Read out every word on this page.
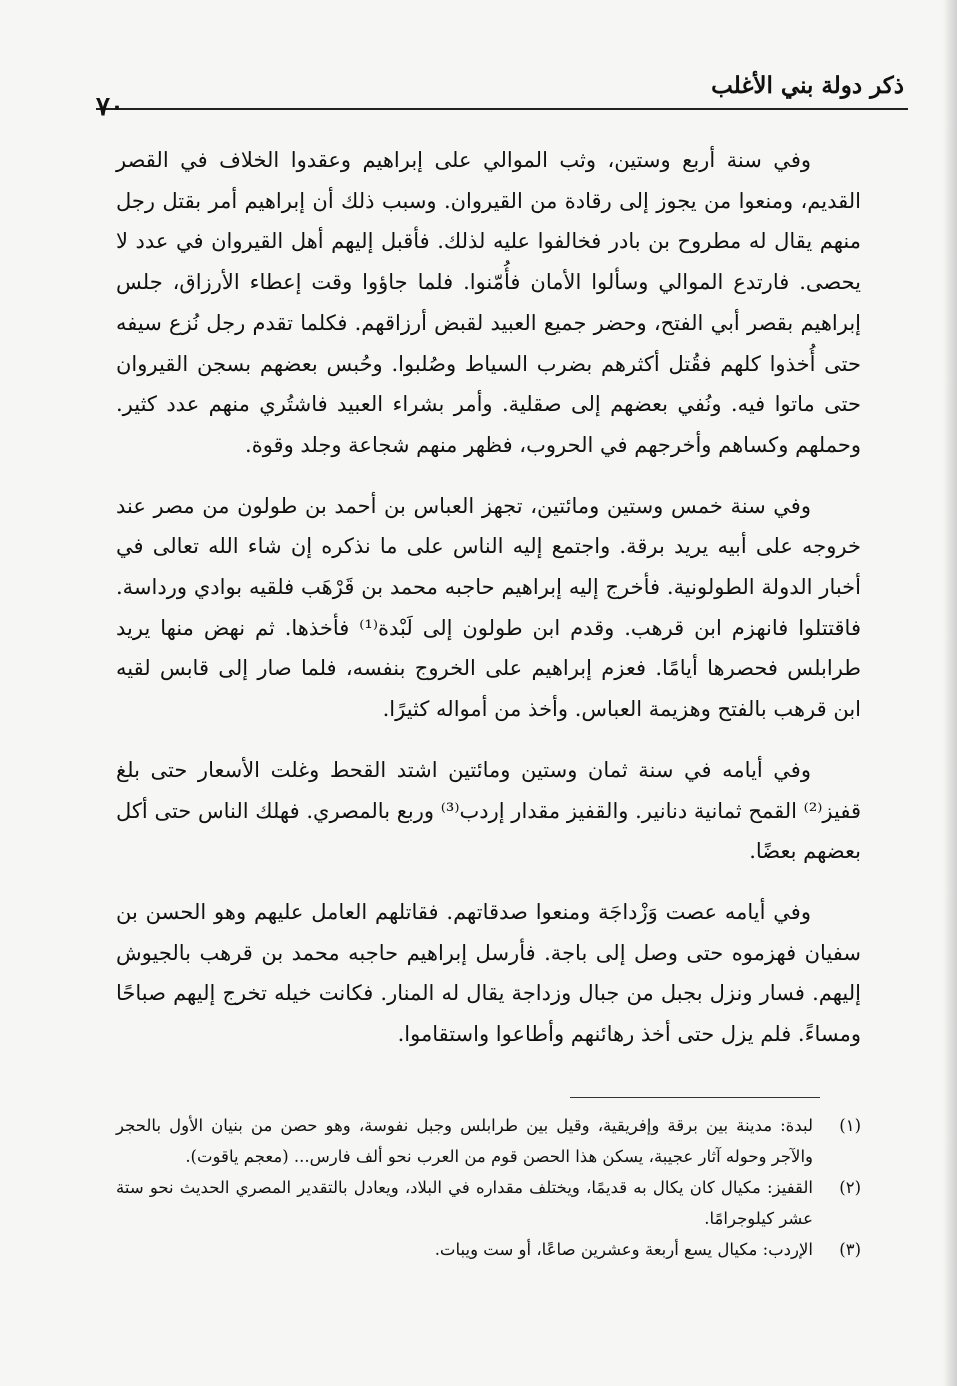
ذكر دولة بني الأغلب
٧٠

وفي سنة أربع وستين، وثب الموالي على إبراهيم وعقدوا الخلاف في القصر القديم، ومنعوا من يجوز إلى رقادة من القيروان. وسبب ذلك أن إبراهيم أمر بقتل رجل منهم يقال له مطروح بن بادر فخالفوا عليه لذلك. فأقبل إليهم أهل القيروان في عدد لا يحصى. فارتدع الموالي وسألوا الأمان فأُمّنوا. فلما جاؤوا وقت إعطاء الأرزاق، جلس إبراهيم بقصر أبي الفتح، وحضر جميع العبيد لقبض أرزاقهم. فكلما تقدم رجل نُزع سيفه حتى أُخذوا كلهم فقُتل أكثرهم بضرب السياط وصُلبوا. وحُبس بعضهم بسجن القيروان حتى ماتوا فيه. ونُفي بعضهم إلى صقلية. وأمر بشراء العبيد فاشتُري منهم عدد كثير. وحملهم وكساهم وأخرجهم في الحروب، فظهر منهم شجاعة وجلد وقوة.

وفي سنة خمس وستين ومائتين، تجهز العباس بن أحمد بن طولون من مصر عند خروجه على أبيه يريد برقة. واجتمع إليه الناس على ما نذكره إن شاء الله تعالى في أخبار الدولة الطولونية. فأخرج إليه إبراهيم حاجبه محمد بن قَرْهَب فلقيه بوادي ورداسة. فاقتتلوا فانهزم ابن قرهب. وقدم ابن طولون إلى لَبْدة⁽¹⁾ فأخذها. ثم نهض منها يريد طرابلس فحصرها أيامًا. فعزم إبراهيم على الخروج بنفسه، فلما صار إلى قابس لقيه ابن قرهب بالفتح وهزيمة العباس. وأخذ من أمواله كثيرًا.

وفي أيامه في سنة ثمان وستين ومائتين اشتد القحط وغلت الأسعار حتى بلغ قفيز⁽²⁾ القمح ثمانية دنانير. والقفيز مقدار إردب⁽³⁾ وربع بالمصري. فهلك الناس حتى أكل بعضهم بعضًا.

وفي أيامه عصت وَزْداجَة ومنعوا صدقاتهم. فقاتلهم العامل عليهم وهو الحسن بن سفيان فهزموه حتى وصل إلى باجة. فأرسل إبراهيم حاجبه محمد بن قرهب بالجيوش إليهم. فسار ونزل بجبل من جبال وزداجة يقال له المنار. فكانت خيله تخرج إليهم صباحًا ومساءً. فلم يزل حتى أخذ رهائنهم وأطاعوا واستقاموا.

(١)
لبدة: مدينة بين برقة وإفريقية، وقيل بين طرابلس وجبل نفوسة، وهو حصن من بنيان الأول بالحجر والآجر وحوله آثار عجيبة، يسكن هذا الحصن قوم من العرب نحو ألف فارس... (معجم ياقوت).
(٢)
القفيز: مكيال كان يكال به قديمًا، ويختلف مقداره في البلاد، ويعادل بالتقدير المصري الحديث نحو ستة عشر كيلوجرامًا.
(٣)
الإردب: مكيال يسع أربعة وعشرين صاعًا، أو ست ويبات.
